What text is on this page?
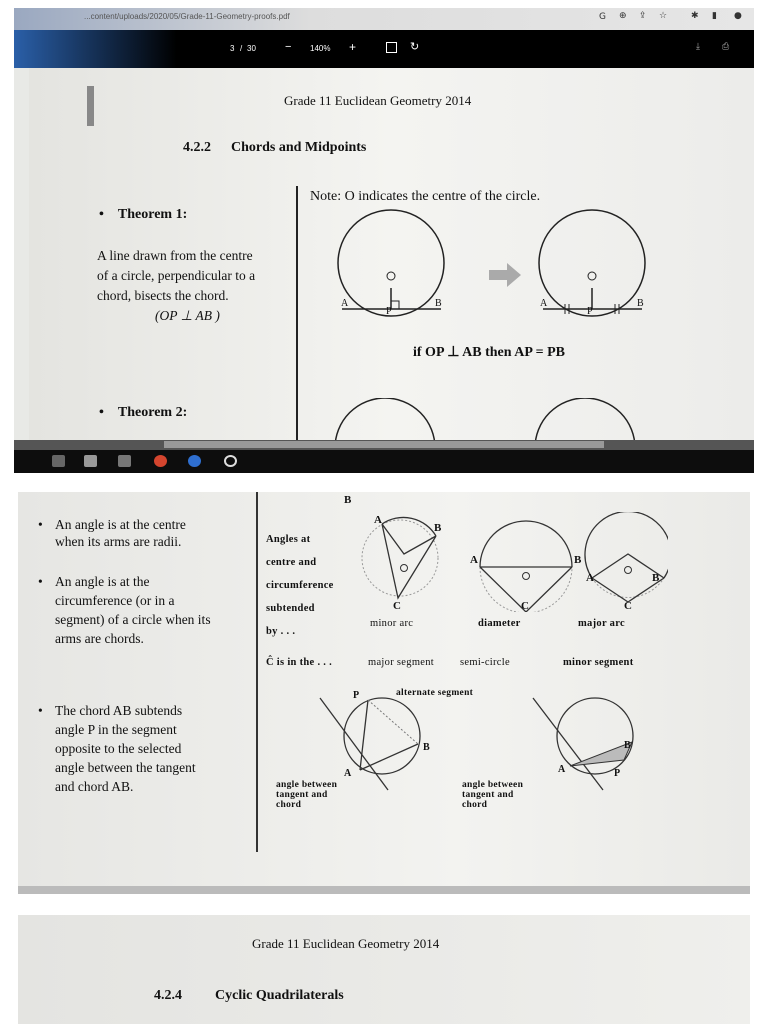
...content/uploads/2020/05/Grade-11-Geometry-proofs.pdf	G ⊕ ⇪ ☆	✱ ▮ ●
3 / 30	− 140% +	↻	⤓ ⎙
Grade 11 Euclidean Geometry 2014
4.2.2 Chords and Midpoints
Note: O indicates the centre of the circle.
•    Theorem 1:
A line drawn from the centre
of a circle, perpendicular to a
chord, bisects the chord.
(OP ⊥ AB )
A	B
P
A	B
P
if OP ⊥ AB then AP = PB
•    Theorem 2:
B
• An angle is at the centre
when its arms are radii.
• An angle is at the
circumference (or in a
segment) of a circle when its
arms are chords.
• The chord AB subtends
angle P in the segment
opposite to the selected
angle between the tangent
and chord AB.
Angles at
centre and
circumference
subtended
by . . .
Ĉ is in the . . .
A
B
C
A	B
C
A	B
C
minor arc	diameter	major arc
major segment semi-circle	minor segment
alternate segment
P
B
A
B
A	P
angle between
tangent and
chord
angle between
tangent and
chord
Grade 11 Euclidean Geometry 2014
4.2.4 Cyclic Quadrilaterals
